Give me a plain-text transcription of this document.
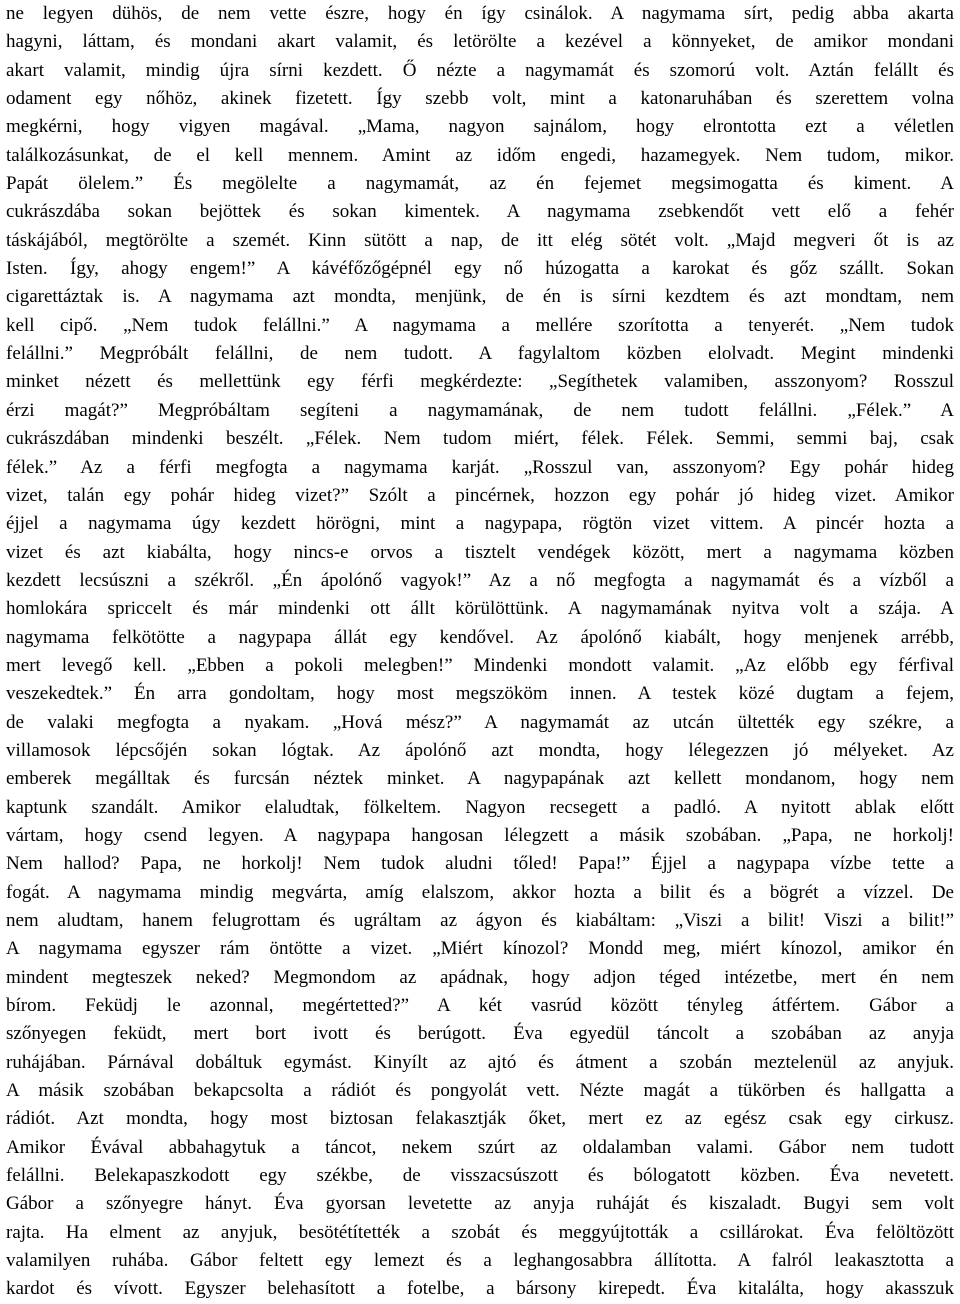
ne legyen dühös, de nem vette észre, hogy én így csinálok. A nagymama sírt, pedig abba akarta
hagyni, láttam, és mondani akart valamit, és letörölte a kezével a könnyeket, de amikor mondani
akart valamit, mindig újra sírni kezdett. Ő nézte a nagymamát és szomorú volt. Aztán felállt és
odament egy nőhöz, akinek fizetett. Így szebb volt, mint a katonaruhában és szerettem volna
megkérni, hogy vigyen magával. „Mama, nagyon sajnálom, hogy elrontotta ezt a véletlen
találkozásunkat, de el kell mennem. Amint az időm engedi, hazamegyek. Nem tudom, mikor.
Papát ölelem.” És megölelte a nagymamát, az én fejemet megsimogatta és kiment. A
cukrászdába sokan bejöttek és sokan kimentek. A nagymama zsebkendőt vett elő a fehér
táskájából, megtörölte a szemét. Kinn sütött a nap, de itt elég sötét volt. „Majd megveri őt is az
Isten. Így, ahogy engem!” A kávéfőzőgépnél egy nő húzogatta a karokat és gőz szállt. Sokan
cigarettáztak is. A nagymama azt mondta, menjünk, de én is sírni kezdtem és azt mondtam, nem
kell cipő. „Nem tudok felállni.” A nagymama a mellére szorította a tenyerét. „Nem tudok
felállni.” Megpróbált felállni, de nem tudott. A fagylaltom közben elolvadt. Megint mindenki
minket nézett és mellettünk egy férfi megkérdezte: „Segíthetek valamiben, asszonyom? Rosszul
érzi magát?” Megpróbáltam segíteni a nagymamának, de nem tudott felállni. „Félek.” A
cukrászdában mindenki beszélt. „Félek. Nem tudom miért, félek. Félek. Semmi, semmi baj, csak
félek.” Az a férfi megfogta a nagymama karját. „Rosszul van, asszonyom? Egy pohár hideg
vizet, talán egy pohár hideg vizet?” Szólt a pincérnek, hozzon egy pohár jó hideg vizet. Amikor
éjjel a nagymama úgy kezdett hörögni, mint a nagypapa, rögtön vizet vittem. A pincér hozta a
vizet és azt kiabálta, hogy nincs-e orvos a tisztelt vendégek között, mert a nagymama közben
kezdett lecsúszni a székről. „Én ápolónő vagyok!” Az a nő megfogta a nagymamát és a vízből a
homlokára spriccelt és már mindenki ott állt körülöttünk. A nagymamának nyitva volt a szája. A
nagymama felkötötte a nagypapa állát egy kendővel. Az ápolónő kiabált, hogy menjenek arrébb,
mert levegő kell. „Ebben a pokoli melegben!” Mindenki mondott valamit. „Az előbb egy férfival
veszekedtek.” Én arra gondoltam, hogy most megszököm innen. A testek közé dugtam a fejem,
de valaki megfogta a nyakam. „Hová mész?” A nagymamát az utcán ültették egy székre, a
villamosok lépcsőjén sokan lógtak. Az ápolónő azt mondta, hogy lélegezzen jó mélyeket. Az
emberek megálltak és furcsán néztek minket. A nagypapának azt kellett mondanom, hogy nem
kaptunk szandált. Amikor elaludtak, fölkeltem. Nagyon recsegett a padló. A nyitott ablak előtt
vártam, hogy csend legyen. A nagypapa hangosan lélegzett a másik szobában. „Papa, ne horkolj!
Nem hallod? Papa, ne horkolj! Nem tudok aludni tőled! Papa!” Éjjel a nagypapa vízbe tette a
fogát. A nagymama mindig megvárta, amíg elalszom, akkor hozta a bilit és a bögrét a vízzel. De
nem aludtam, hanem felugrottam és ugráltam az ágyon és kiabáltam: „Viszi a bilit! Viszi a bilit!”
A nagymama egyszer rám öntötte a vizet. „Miért kínozol? Mondd meg, miért kínozol, amikor én
mindent megteszek neked? Megmondom az apádnak, hogy adjon téged intézetbe, mert én nem
bírom. Feküdj le azonnal, megértetted?” A két vasrúd között tényleg átfértem. Gábor a
szőnyegen feküdt, mert bort ivott és berúgott. Éva egyedül táncolt a szobában az anyja
ruhájában. Párnával dobáltuk egymást. Kinyílt az ajtó és átment a szobán meztelenül az anyjuk.
A másik szobában bekapcsolta a rádiót és pongyolát vett. Nézte magát a tükörben és hallgatta a
rádiót. Azt mondta, hogy most biztosan felakasztják őket, mert ez az egész csak egy cirkusz.
Amikor Évával abbahagytuk a táncot, nekem szúrt az oldalamban valami. Gábor nem tudott
felállni. Belekapaszkodott egy székbe, de visszacsúszott és bólogatott közben. Éva nevetett.
Gábor a szőnyegre hányt. Éva gyorsan levetette az anyja ruháját és kiszaladt. Bugyi sem volt
rajta. Ha elment az anyjuk, besötétítették a szobát és meggyújtották a csillárokat. Éva felöltözött
valamilyen ruhába. Gábor feltett egy lemezt és a leghangosabbra állította. A falról leakasztotta a
kardot és vívott. Egyszer belehasított a fotelbe, a bársony kirepedt. Éva kitalálta, hogy akasszuk
